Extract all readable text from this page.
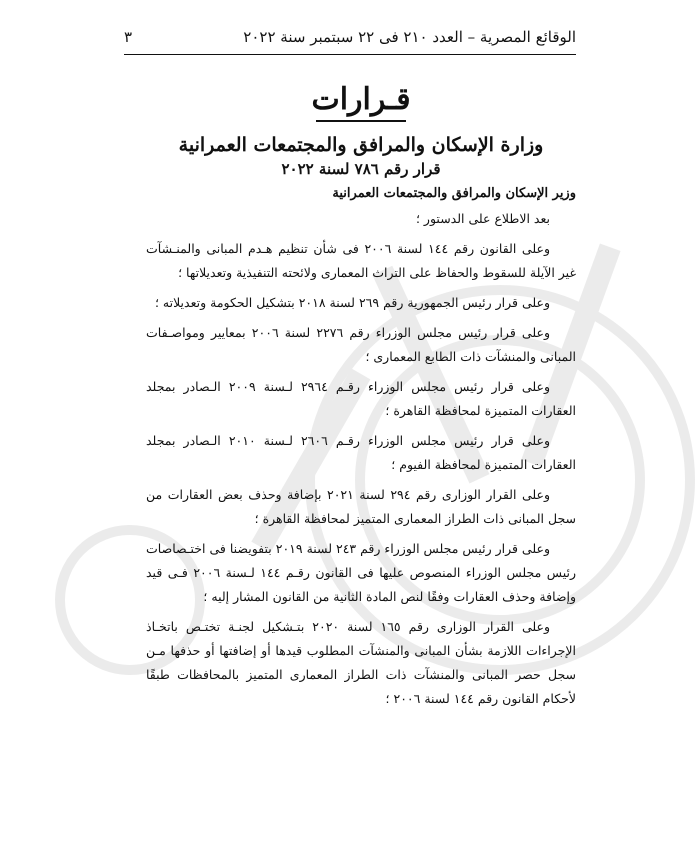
الوقائع المصرية – العدد ٢١٠ فى ٢٢ سبتمبر سنة ٢٠٢٢
٣
قـرارات
وزارة الإسكان والمرافق والمجتمعات العمرانية
قرار رقم ٧٨٦ لسنة ٢٠٢٢
وزير الإسكان والمرافق والمجتمعات العمرانية

بعد الاطلاع على الدستور ؛

وعلى القانون رقم ١٤٤ لسنة ٢٠٠٦ فى شأن تنظيم هـدم المبانى والمنـشآت غير الآيلة للسقوط والحفاظ على التراث المعمارى ولائحته التنفيذية وتعديلاتها ؛

وعلى قرار رئيس الجمهورية رقم ٢٦٩ لسنة ٢٠١٨ بتشكيل الحكومة وتعديلاته ؛

وعلى قرار رئيس مجلس الوزراء رقم ٢٢٧٦ لسنة ٢٠٠٦ بمعايير ومواصـفات المبانى والمنشآت ذات الطابع المعمارى ؛

وعلى قرار رئيس مجلس الوزراء رقـم ٢٩٦٤ لـسنة ٢٠٠٩ الـصادر بمجلد العقارات المتميزة لمحافظة القاهرة ؛

وعلى قرار رئيس مجلس الوزراء رقـم ٢٦٠٦ لـسنة ٢٠١٠ الـصادر بمجلد العقارات المتميزة لمحافظة الفيوم ؛

وعلى القرار الوزارى رقم ٢٩٤ لسنة ٢٠٢١ بإضافة وحذف بعض العقارات من سجل المبانى ذات الطراز المعمارى المتميز لمحافظة القاهرة ؛

وعلى قرار رئيس مجلس الوزراء رقم ٢٤٣ لسنة ٢٠١٩ بتفويضنا فى اختـصاصات رئيس مجلس الوزراء المنصوص عليها فى القانون رقـم ١٤٤ لـسنة ٢٠٠٦ فـى قيد وإضافة وحذف العقارات وفقًا لنص المادة الثانية من القانون المشار إليه ؛

وعلى القرار الوزارى رقم ١٦٥ لسنة ٢٠٢٠ بتـشكيل لجنـة تختـص باتخـاذ الإجراءات اللازمة بشأن المبانى والمنشآت المطلوب قيدها أو إضافتها أو حذفها مـن سجل حصر المبانى والمنشآت ذات الطراز المعمارى المتميز بالمحافظات طبقًا لأحكام القانون رقم ١٤٤ لسنة ٢٠٠٦ ؛
